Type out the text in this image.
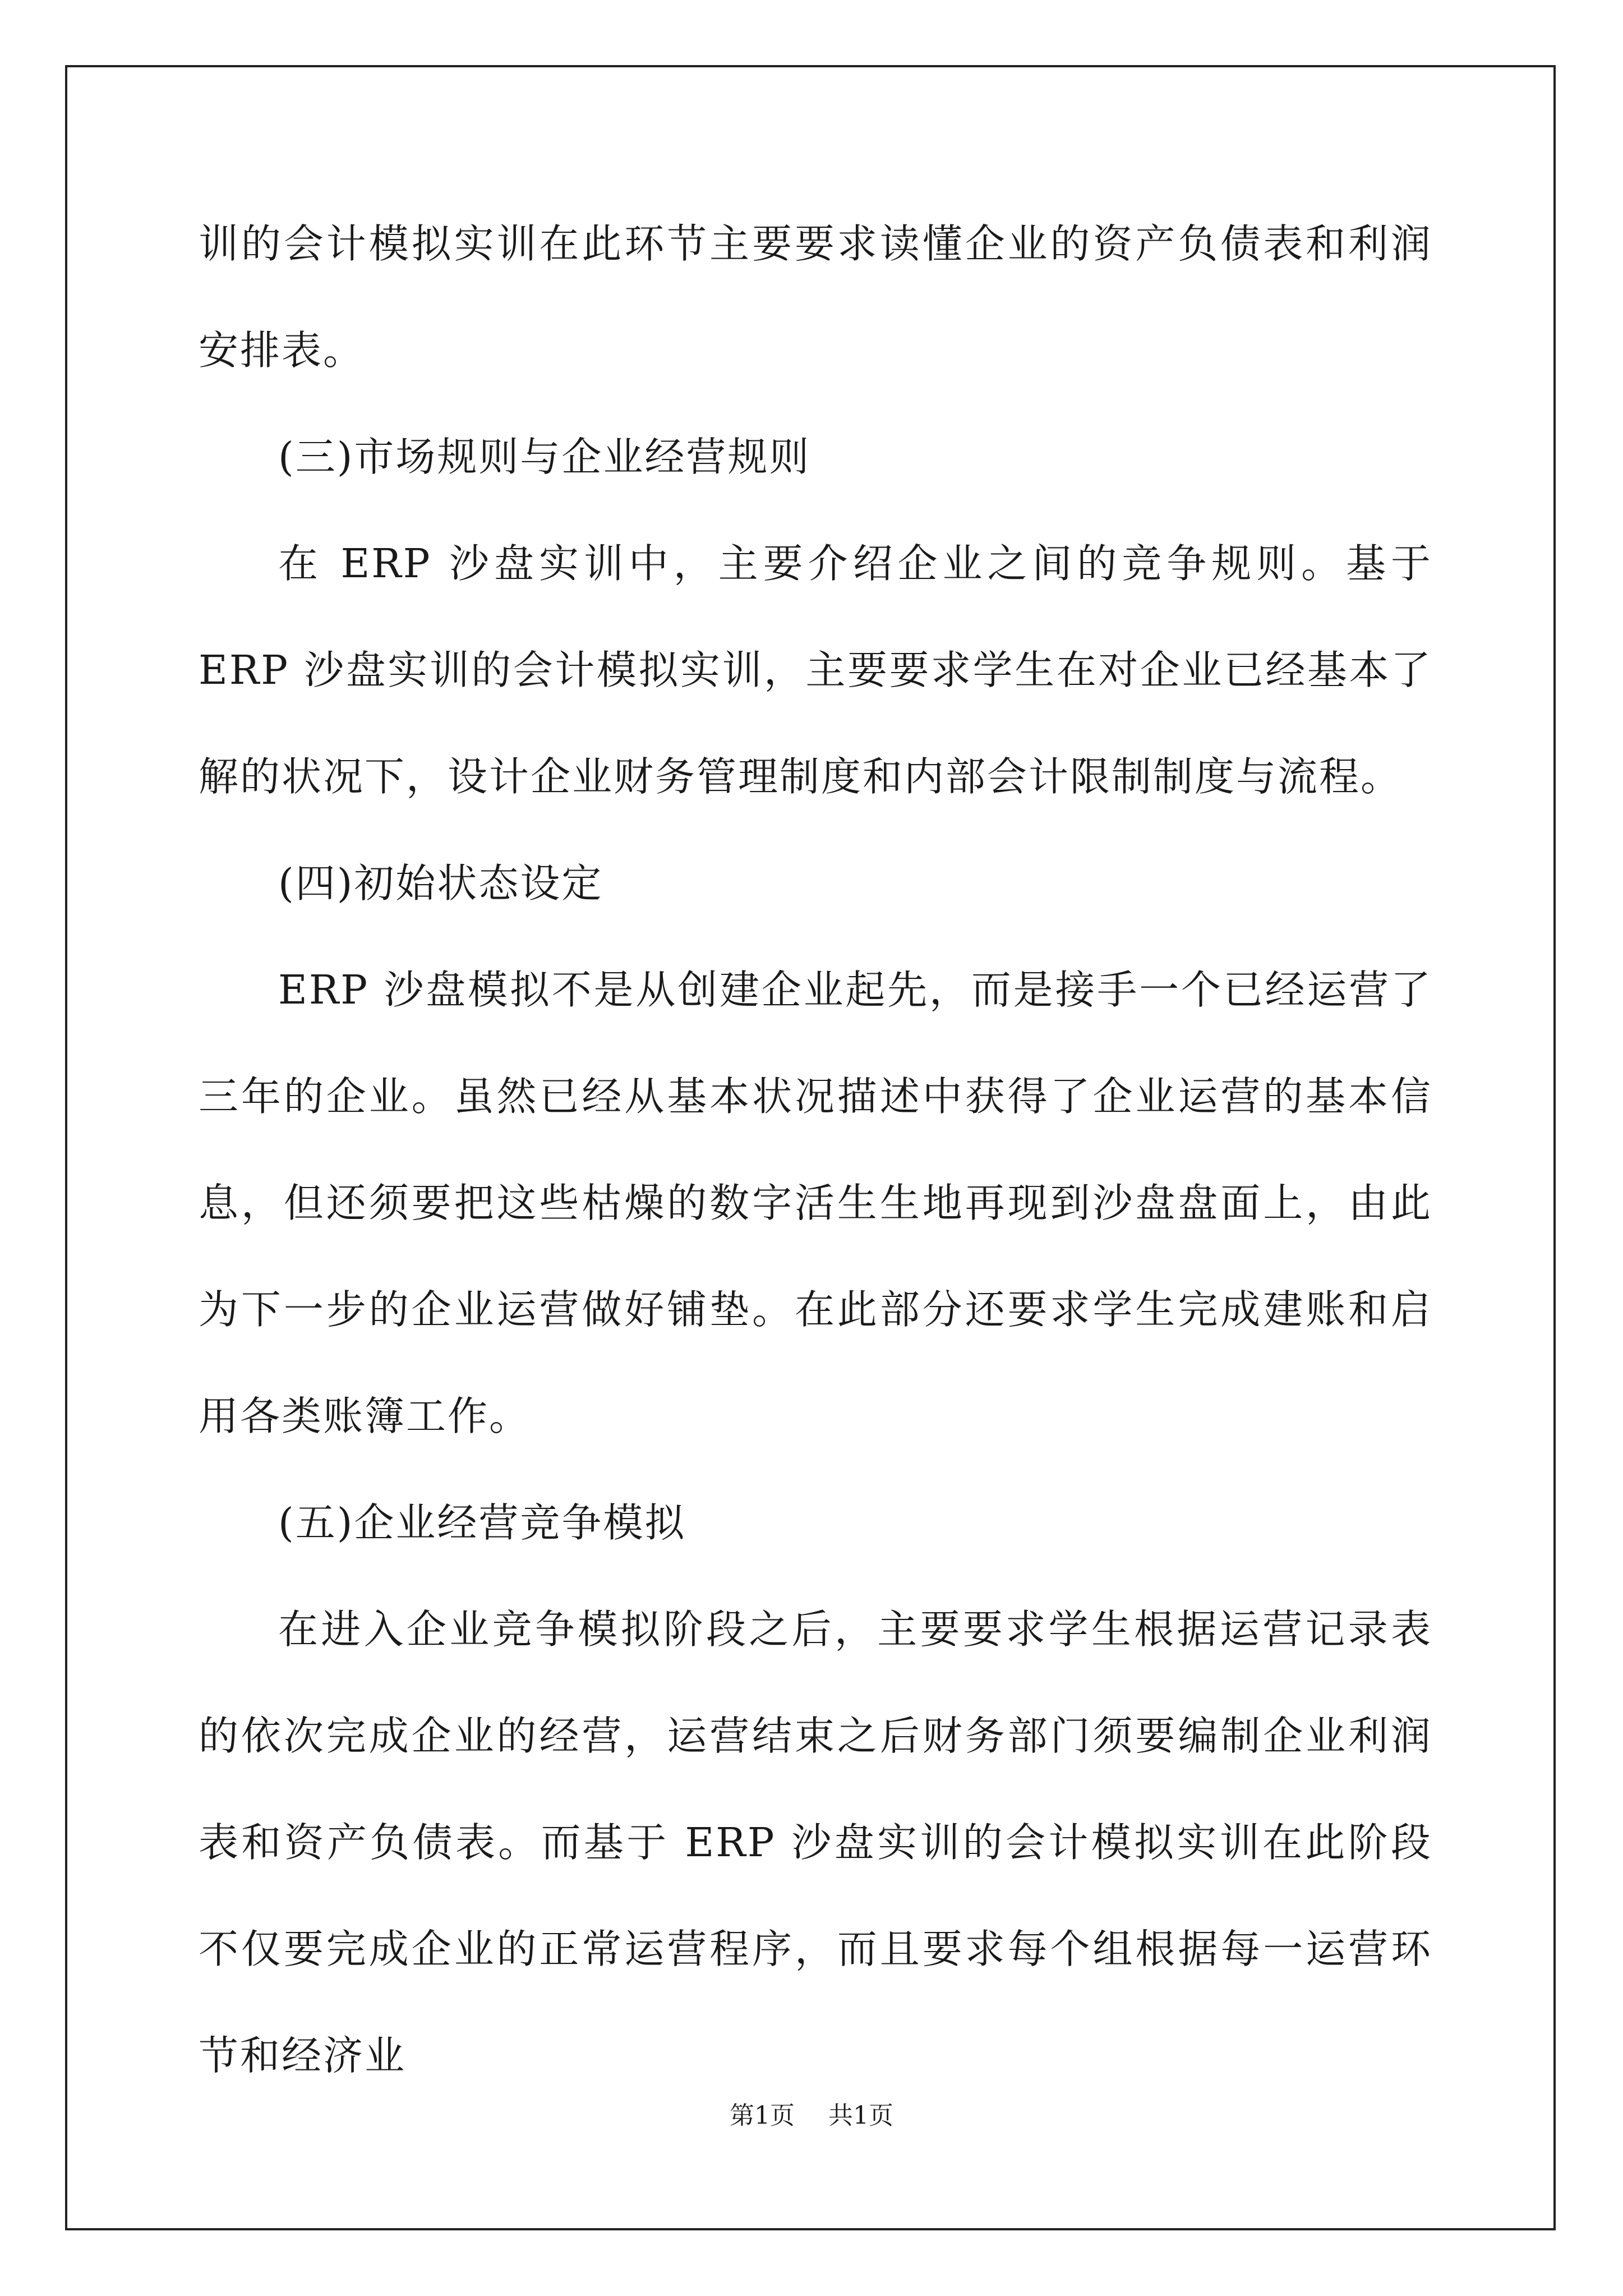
训的会计模拟实训在此环节主要要求读懂企业的资产负债表和利润安排表。

(三)市场规则与企业经营规则

在 ERP 沙盘实训中，主要介绍企业之间的竞争规则。基于 ERP 沙盘实训的会计模拟实训，主要要求学生在对企业已经基本了解的状况下，设计企业财务管理制度和内部会计限制制度与流程。

(四)初始状态设定

ERP 沙盘模拟不是从创建企业起先，而是接手一个已经运营了三年的企业。虽然已经从基本状况描述中获得了企业运营的基本信息，但还须要把这些枯燥的数字活生生地再现到沙盘盘面上，由此为下一步的企业运营做好铺垫。在此部分还要求学生完成建账和启用各类账簿工作。

(五)企业经营竞争模拟

在进入企业竞争模拟阶段之后，主要要求学生根据运营记录表的依次完成企业的经营，运营结束之后财务部门须要编制企业利润表和资产负债表。而基于 ERP 沙盘实训的会计模拟实训在此阶段不仅要完成企业的正常运营程序，而且要求每个组根据每一运营环节和经济业

第1页 共1页
